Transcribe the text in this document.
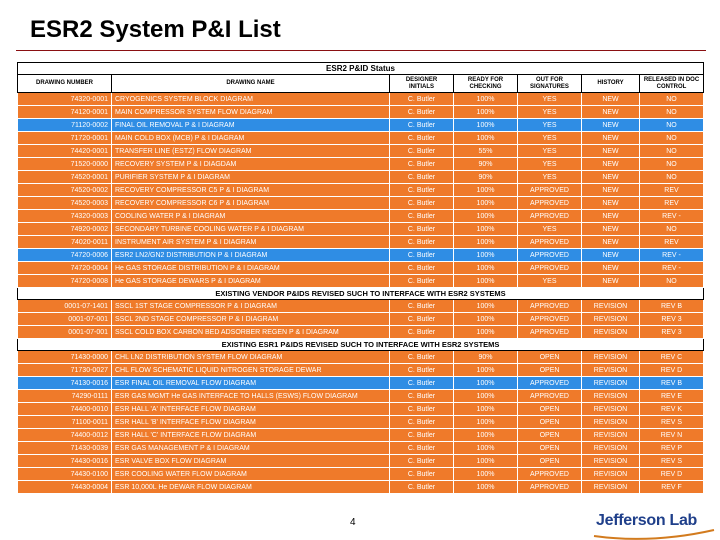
ESR2 System P&I List
ESR2 P&ID Status						
DRAWING NUMBER	DRAWING NAME	DESIGNER INITIALS	READY FOR CHECKING	OUT FOR SIGNATURES	HISTORY	RELEASED IN DOC CONTROL
74320-0001	CRYOGENICS SYSTEM BLOCK DIAGRAM	C. Butler	100%	YES	NEW	NO
74120-0001	MAIN COMPRESSOR SYSTEM FLOW DIAGRAM	C. Butler	100%	YES	NEW	NO
71120-0002	FINAL OIL REMOVAL P & I DIAGRAM	C. Butler	100%	YES	NEW	NO
71720-0001	MAIN COLD BOX (MCB) P & I DIAGRAM	C. Butler	100%	YES	NEW	NO
74420-0001	TRANSFER LINE (ESTZ) FLOW DIAGRAM	C. Butler	55%	YES	NEW	NO
71520-0000	RECOVERY SYSTEM P & I DIAGDAM	C. Butler	90%	YES	NEW	NO
74520-0001	PURIFIER SYSTEM P & I DIAGRAM	C. Butler	90%	YES	NEW	NO
74520-0002	RECOVERY COMPRESSOR C5 P & I DIAGRAM	C. Butler	100%	APPROVED	NEW	REV
74520-0003	RECOVERY COMPRESSOR C6 P & I DIAGRAM	C. Butler	100%	APPROVED	NEW	REV
74320-0003	COOLING WATER P & I DIAGRAM	C. Butler	100%	APPROVED	NEW	REV -
74920-0002	SECONDARY TURBINE COOLING WATER P & I DIAGRAM	C. Butler	100%	YES	NEW	NO
74020-0011	INSTRUMENT AIR SYSTEM P & I DIAGRAM	C. Butler	100%	APPROVED	NEW	REV
74720-0006	ESR2 LN2/GN2 DISTRIBUTION P & I DIAGRAM	C. Butler	100%	APPROVED	NEW	REV -
74720-0004	He GAS STORAGE DISTRIBUTION P & I DIAGRAM	C. Butler	100%	APPROVED	NEW	REV -
74720-0008	He GAS STORAGE DEWARS P & I DIAGRAM	C. Butler	100%	YES	NEW	NO
EXISTING VENDOR P&IDS REVISED SUCH TO INTERFACE WITH ESR2 SYSTEMS						
0001-07-1401	SSCL 1ST STAGE COMPRESSOR P & I DIAGRAM	C. Butler	100%	APPROVED	REVISION	REV B
0001-07-001	SSCL 2ND STAGE COMPRESSOR P & I DIAGRAM	C. Butler	100%	APPROVED	REVISION	REV 3
0001-07-001	SSCL COLD BOX CARBON BED ADSORBER REGEN P & I DIAGRAM	C. Butler	100%	APPROVED	REVISION	REV 3
EXISTING ESR1 P&IDS REVISED SUCH TO INTERFACE WITH ESR2 SYSTEMS						
71430-0000	CHL LN2 DISTRIBUTION SYSTEM FLOW DIAGRAM	C. Butler	90%	OPEN	REVISION	REV C
71730-0027	CHL FLOW SCHEMATIC LIQUID NITROGEN STORAGE DEWAR	C. Butler	100%	OPEN	REVISION	REV D
74130-0016	ESR FINAL OIL REMOVAL FLOW DIAGRAM	C. Butler	100%	APPROVED	REVISION	REV B
74290-0111	ESR GAS MGMT He GAS INTERFACE TO HALLS (ESWS) FLOW DIAGRAM	C. Butler	100%	APPROVED	REVISION	REV E
74400-0010	ESR HALL 'A' INTERFACE FLOW DIAGRAM	C. Butler	100%	OPEN	REVISION	REV K
71100-0011	ESR HALL 'B' INTERFACE FLOW DIAGRAM	C. Butler	100%	OPEN	REVISION	REV S
74400-0012	ESR HALL 'C' INTERFACE FLOW DIAGRAM	C. Butler	100%	OPEN	REVISION	REV N
71430-0039	ESR GAS MANAGEMENT P & I DIAGRAM	C. Butler	100%	OPEN	REVISION	REV P
74430-0016	ESR VALVE BOX FLOW DIAGRAM	C. Butler	100%	OPEN	REVISION	REV S
74430-0100	ESR COOLING WATER FLOW DIAGRAM	C. Butler	100%	APPROVED	REVISION	REV D
74430-0004	ESR 10,000L He DEWAR FLOW DIAGRAM	C. Butler	100%	APPROVED	REVISION	REV F
4	Jefferson Lab
